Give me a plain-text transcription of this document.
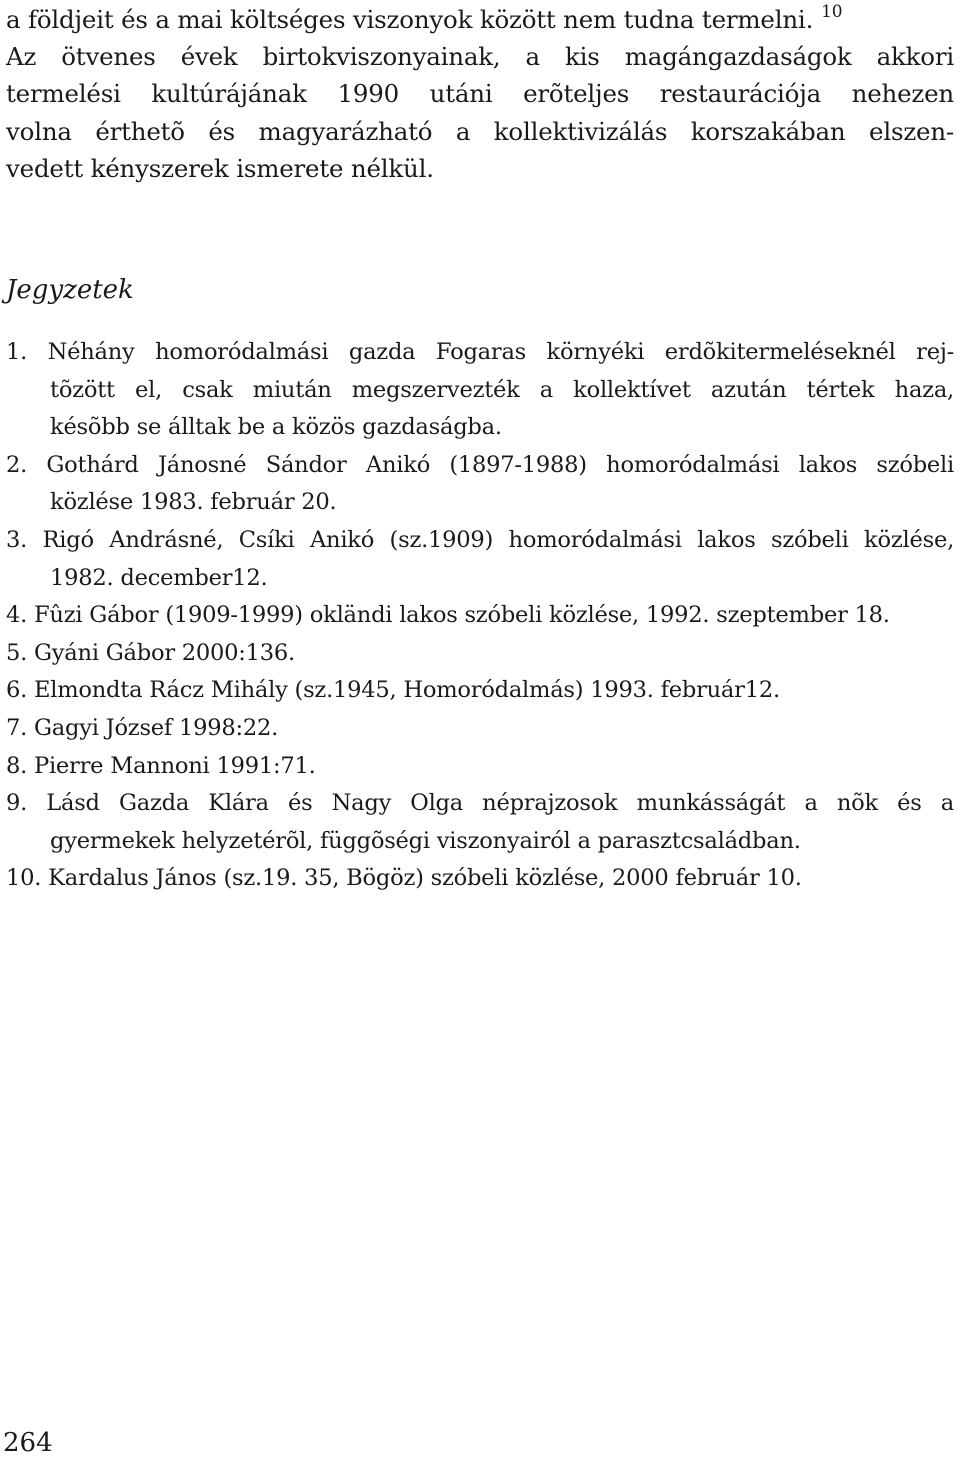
a földjeit és a mai költséges viszonyok között nem tudna termelni. $^{10}$
Az ötvenes évek birtokviszonyainak, a kis magángazdaságok akkori
termelési kultúrájának 1990 utáni erõteljes restaurációja nehezen
volna érthetõ és magyarázható a kollektivizálás korszakában elszen-
vedett kényszerek ismerete nélkül.

Jegyzetek
1. Néhány homoródalmási gazda Fogaras környéki erdõkitermeléseknél rej-
tõzött el, csak miután megszervezték a kollektívet azután tértek haza,
késõbb se álltak be a közös gazdaságba.
2. Gothárd Jánosné Sándor Anikó (1897-1988) homoródalmási lakos szóbeli
közlése 1983. február 20.
3. Rigó Andrásné, Csíki Anikó (sz.1909) homoródalmási lakos szóbeli közlése,
1982. december12.
4. Fûzi Gábor (1909-1999) okländi lakos szóbeli közlése, 1992. szeptember 18.
5. Gyáni Gábor 2000:136.
6. Elmondta Rácz Mihály (sz.1945, Homoródalmás) 1993. február12.
7. Gagyi József 1998:22.
8. Pierre Mannoni 1991:71.
9. Lásd Gazda Klára és Nagy Olga néprajzosok munkásságát a nõk és a
gyermekek helyzetérõl, függõségi viszonyairól a parasztcsaládban.
10. Kardalus János (sz.19. 35, Bögöz) szóbeli közlése, 2000 február 10.

264
